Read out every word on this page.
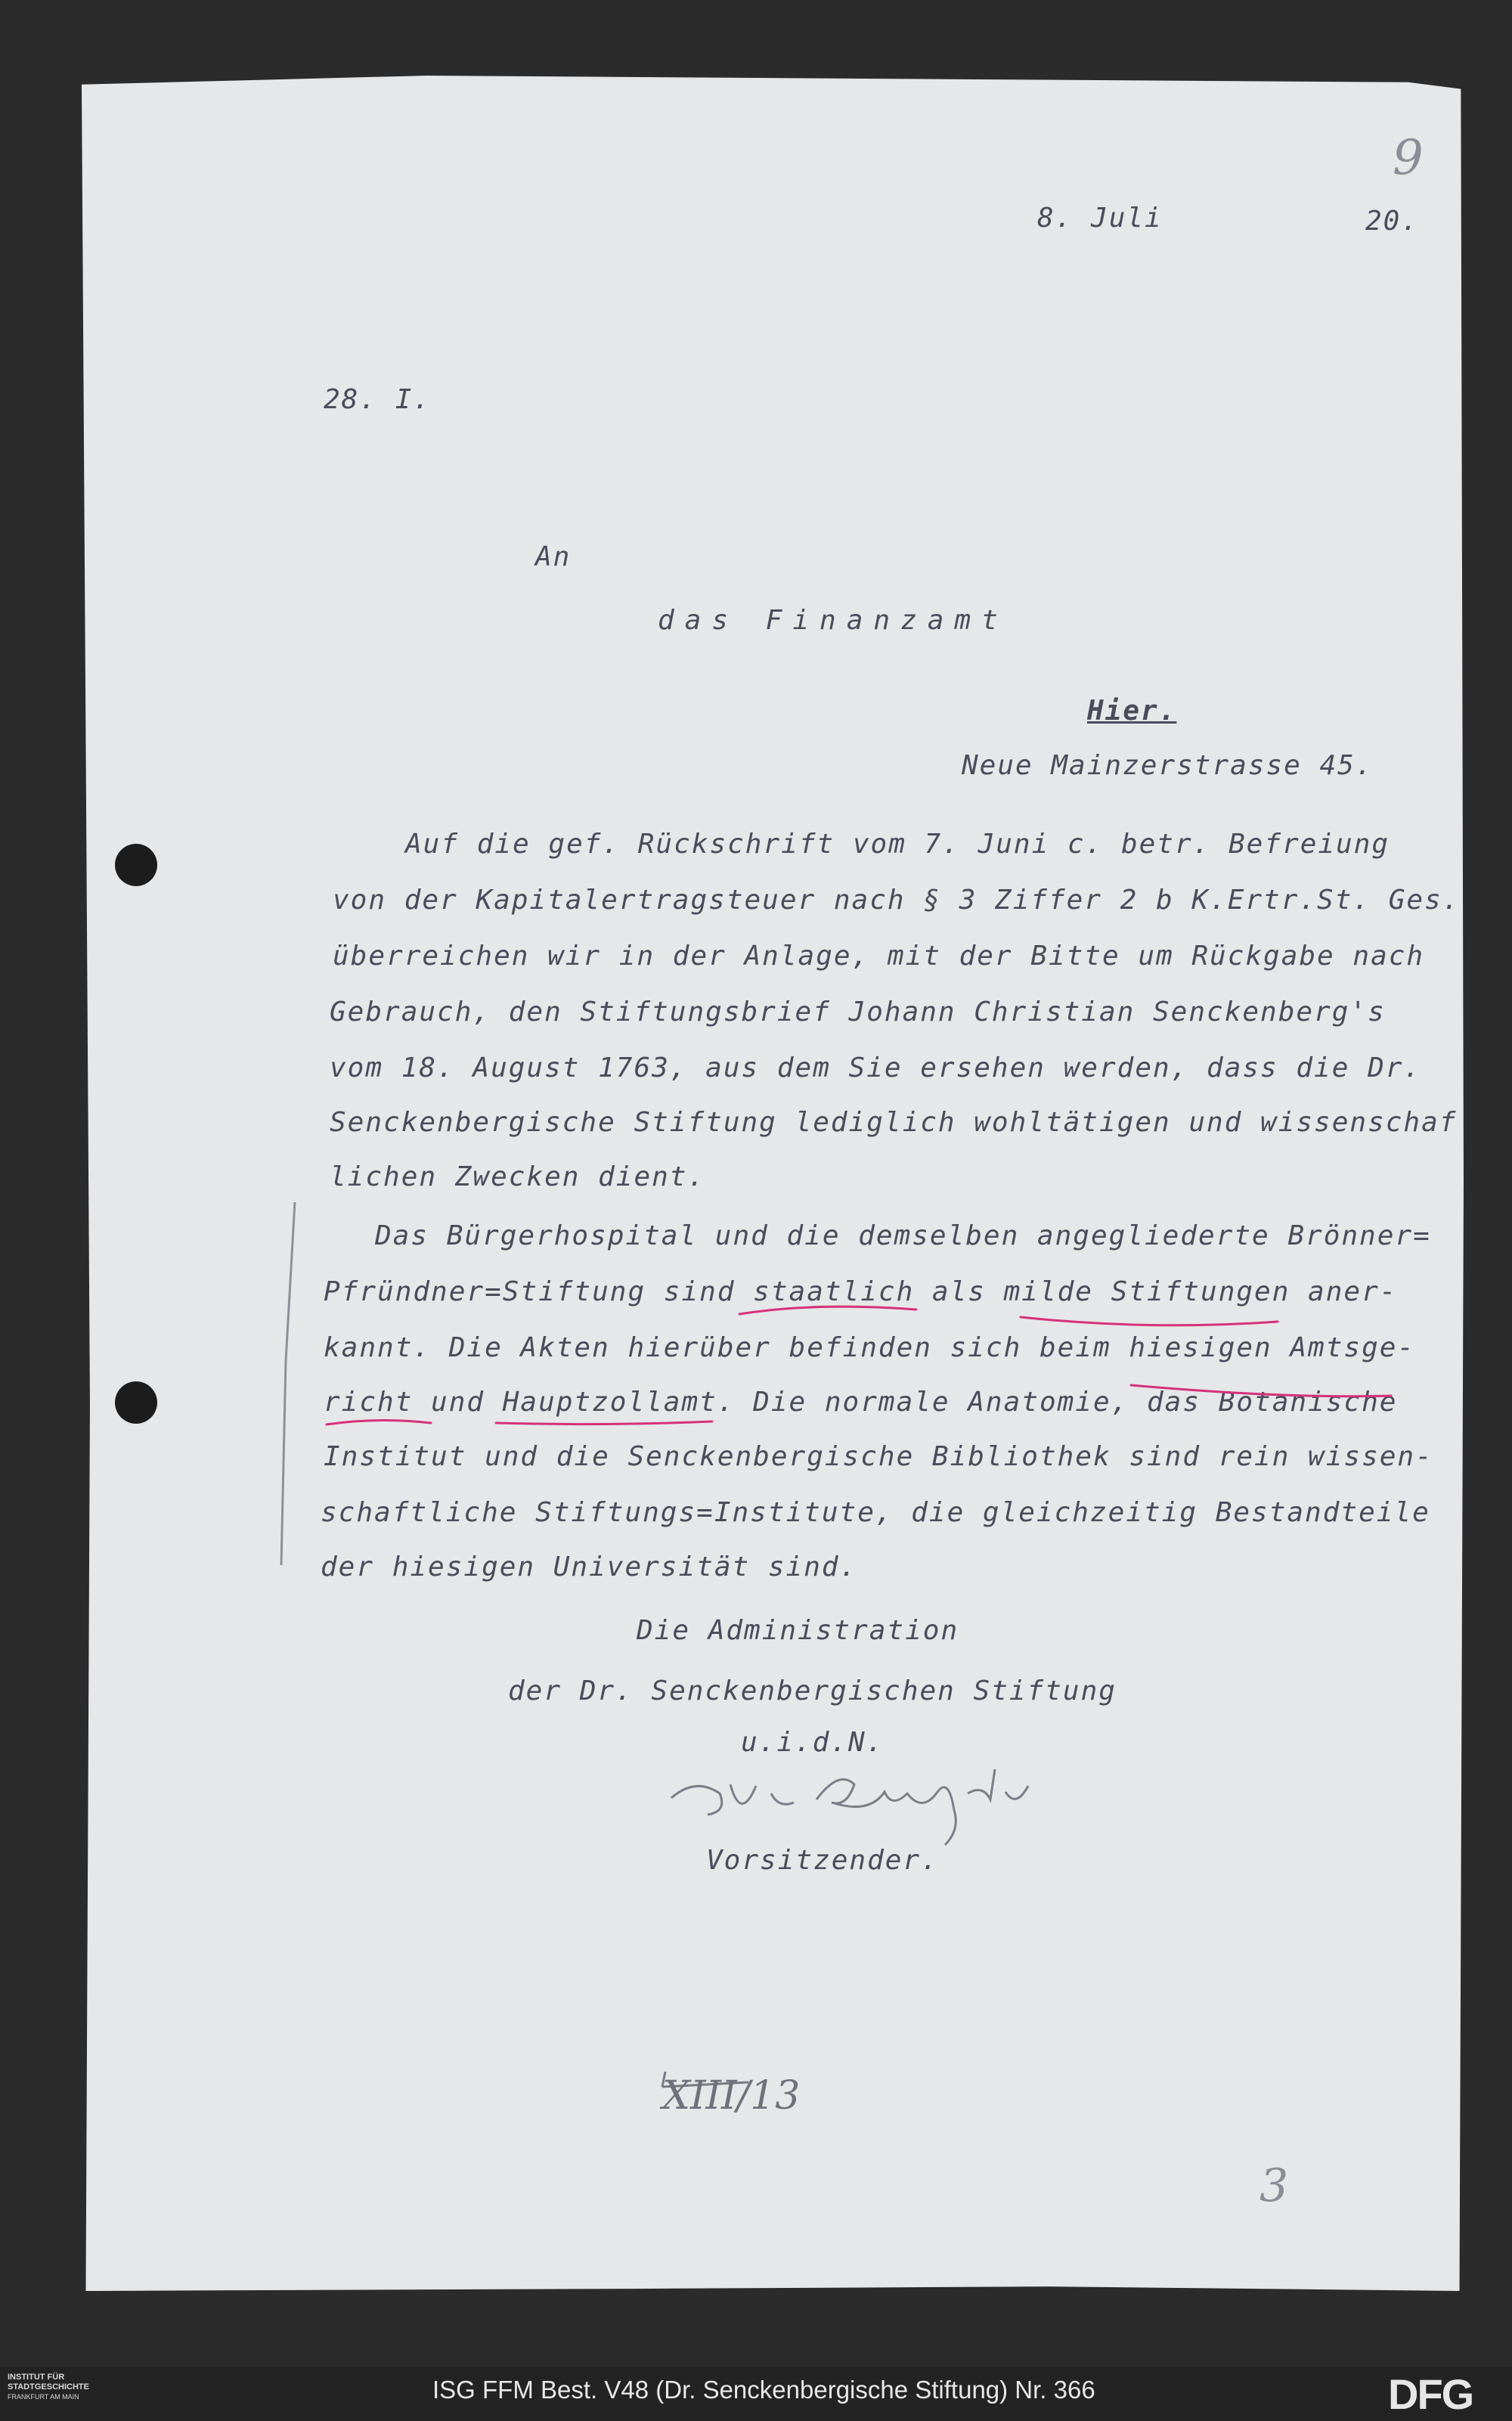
8. Juli	20.
9
28. I.
An
das Finanzamt
Hier.
Neue Mainzerstrasse 45.
Auf die gef. Rückschrift vom 7. Juni c. betr. Befreiung
von der Kapitalertragsteuer nach § 3 Ziffer 2 b K.Ertr.St. Ges.
überreichen wir in der Anlage, mit der Bitte um Rückgabe nach
Gebrauch, den Stiftungsbrief Johann Christian Senckenberg's
vom 18. August 1763, aus dem Sie ersehen werden, dass die Dr.
Senckenbergische Stiftung lediglich wohltätigen und wissenschaf
lichen Zwecken dient.
Das Bürgerhospital und die demselben angegliederte Brönner=
Pfründner=Stiftung sind staatlich als milde Stiftungen aner-
kannt. Die Akten hierüber befinden sich beim hiesigen Amtsge-
richt und Hauptzollamt. Die normale Anatomie, das Botanische
Institut und die Senckenbergische Bibliothek sind rein wissen-
schaftliche Stiftungs=Institute, die gleichzeitig Bestandteile
der hiesigen Universität sind.
Die Administration
der Dr. Senckenbergischen Stiftung
u.i.d.N.
Vorsitzender.
XIII/13
3
INSTITUT FÜR
STADTGESCHICHTE
FRANKFURT AM MAIN	ISG FFM Best. V48 (Dr. Senckenbergische Stiftung) Nr. 366	DFG
